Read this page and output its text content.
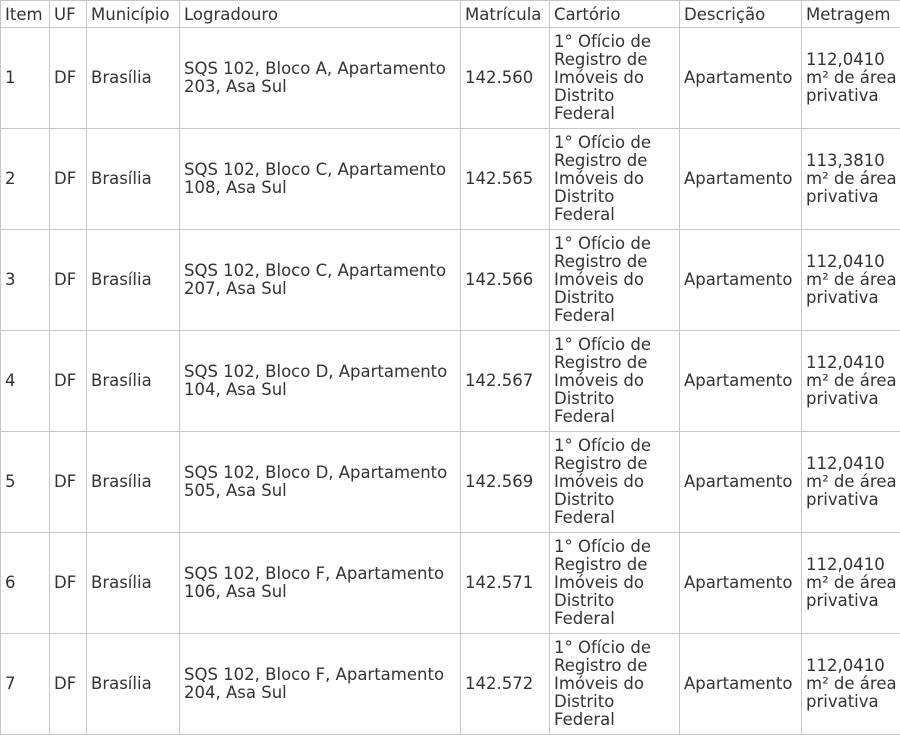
Item	UF	Município	Logradouro	Matrícula	Cartório	Descrição	Metragem
1	DF	Brasília	SQS 102, Bloco A, Apartamento 203, Asa Sul	142.560	1° Ofício de Registro de Imóveis do Distrito Federal	Apartamento	112,0410 m² de área privativa
2	DF	Brasília	SQS 102, Bloco C, Apartamento 108, Asa Sul	142.565	1° Ofício de Registro de Imóveis do Distrito Federal	Apartamento	113,3810 m² de área privativa
3	DF	Brasília	SQS 102, Bloco C, Apartamento 207, Asa Sul	142.566	1° Ofício de Registro de Imóveis do Distrito Federal	Apartamento	112,0410 m² de área privativa
4	DF	Brasília	SQS 102, Bloco D, Apartamento 104, Asa Sul	142.567	1° Ofício de Registro de Imóveis do Distrito Federal	Apartamento	112,0410 m² de área privativa
5	DF	Brasília	SQS 102, Bloco D, Apartamento 505, Asa Sul	142.569	1° Ofício de Registro de Imóveis do Distrito Federal	Apartamento	112,0410 m² de área privativa
6	DF	Brasília	SQS 102, Bloco F, Apartamento 106, Asa Sul	142.571	1° Ofício de Registro de Imóveis do Distrito Federal	Apartamento	112,0410 m² de área privativa
7	DF	Brasília	SQS 102, Bloco F, Apartamento 204, Asa Sul	142.572	1° Ofício de Registro de Imóveis do Distrito Federal	Apartamento	112,0410 m² de área privativa
